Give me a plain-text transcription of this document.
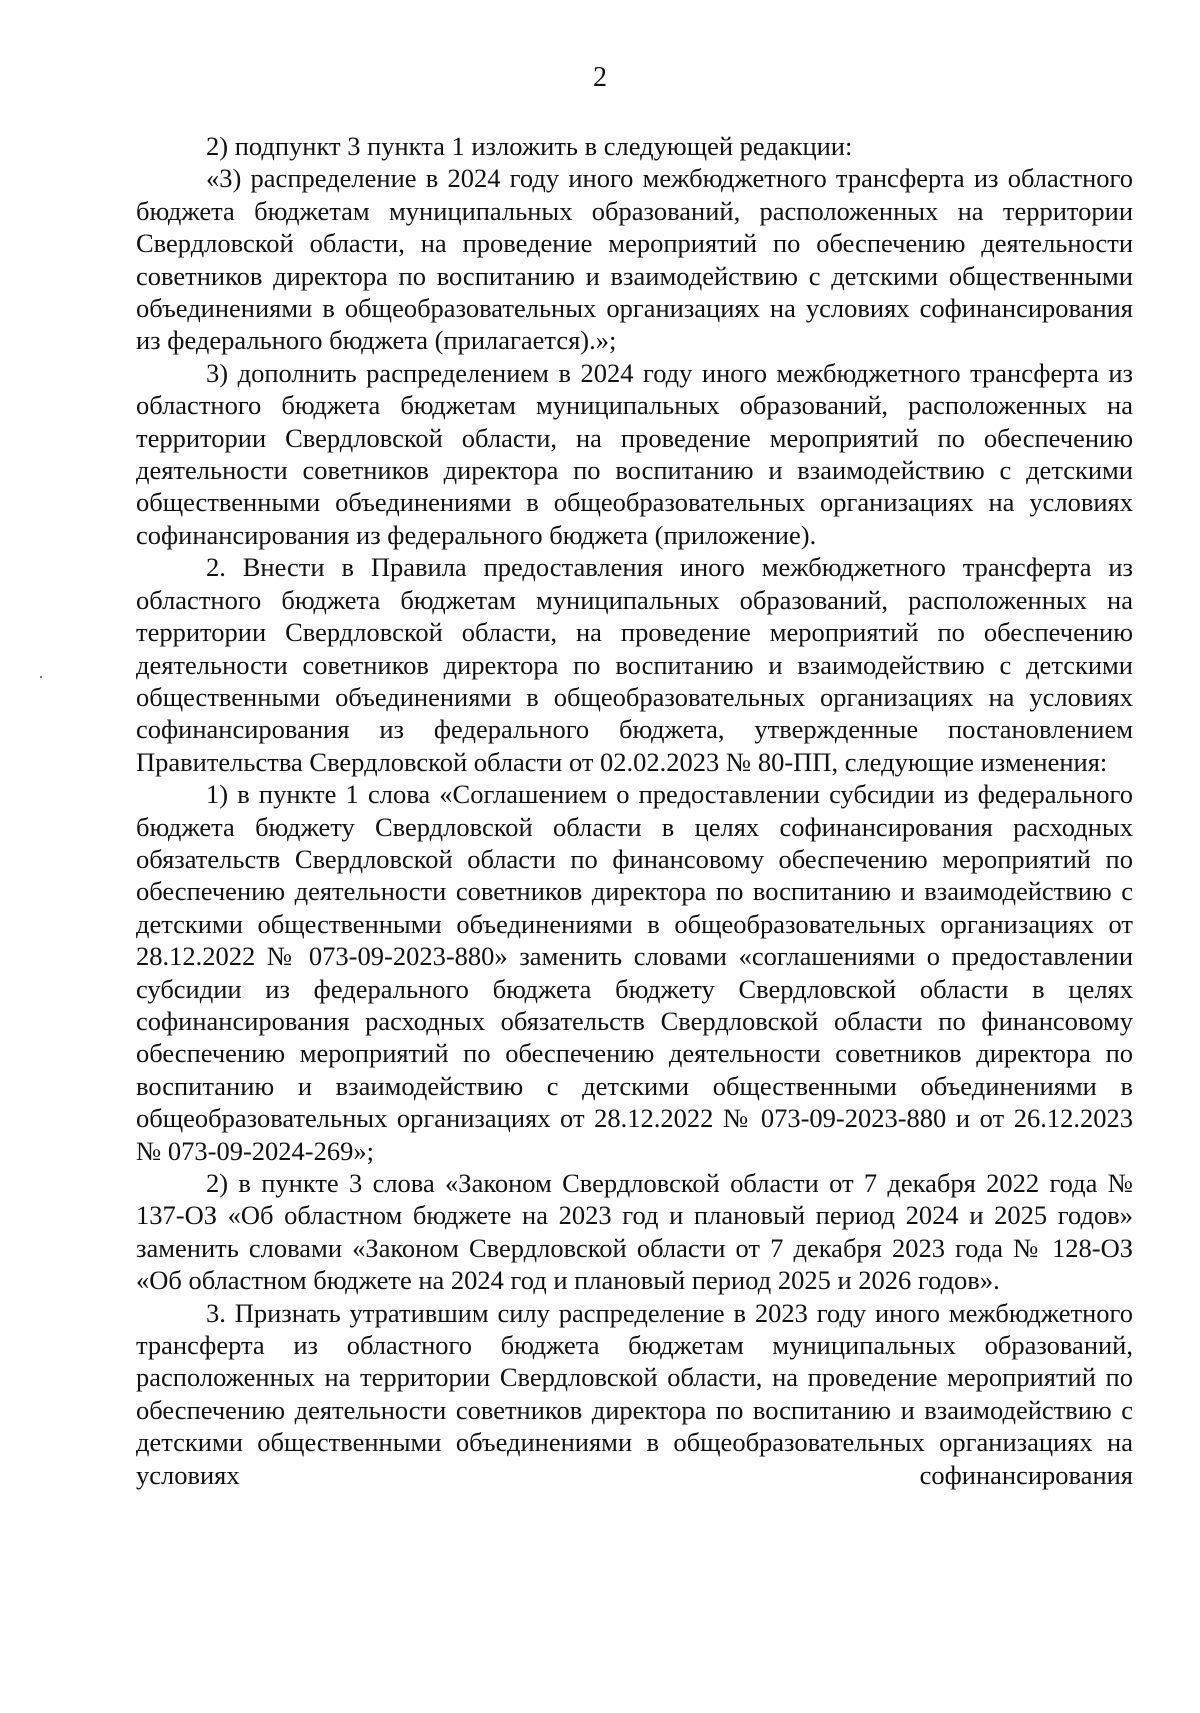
2

2) подпункт 3 пункта 1 изложить в следующей редакции:

«3) распределение в 2024 году иного межбюджетного трансферта из областного бюджета бюджетам муниципальных образований, расположенных на территории Свердловской области, на проведение мероприятий по обеспечению деятельности советников директора по воспитанию и взаимодействию с детскими общественными объединениями в общеобразовательных организациях на условиях софинансирования из федерального бюджета (прилагается).»;

3) дополнить распределением в 2024 году иного межбюджетного трансферта из областного бюджета бюджетам муниципальных образований, расположенных на территории Свердловской области, на проведение мероприятий по обеспечению деятельности советников директора по воспитанию и взаимодействию с детскими общественными объединениями в общеобразовательных организациях на условиях софинансирования из федерального бюджета (приложение).

2. Внести в Правила предоставления иного межбюджетного трансферта из областного бюджета бюджетам муниципальных образований, расположенных на территории Свердловской области, на проведение мероприятий по обеспечению деятельности советников директора по воспитанию и взаимодействию с детскими общественными объединениями в общеобразовательных организациях на условиях софинансирования из федерального бюджета, утвержденные постановлением Правительства Свердловской области от 02.02.2023 № 80-ПП, следующие изменения:

1) в пункте 1 слова «Соглашением о предоставлении субсидии из федерального бюджета бюджету Свердловской области в целях софинансирования расходных обязательств Свердловской области по финансовому обеспечению мероприятий по обеспечению деятельности советников директора по воспитанию и взаимодействию с детскими общественными объединениями в общеобразовательных организациях от 28.12.2022 № 073-09-2023-880» заменить словами «соглашениями о предоставлении субсидии из федерального бюджета бюджету Свердловской области в целях софинансирования расходных обязательств Свердловской области по финансовому обеспечению мероприятий по обеспечению деятельности советников директора по воспитанию и взаимодействию с детскими общественными объединениями в общеобразовательных организациях от 28.12.2022 № 073-09-2023-880 и от 26.12.2023 № 073-09-2024-269»;

2) в пункте 3 слова «Законом Свердловской области от 7 декабря 2022 года № 137-ОЗ «Об областном бюджете на 2023 год и плановый период 2024 и 2025 годов» заменить словами «Законом Свердловской области от 7 декабря 2023 года № 128-ОЗ «Об областном бюджете на 2024 год и плановый период 2025 и 2026 годов».

3. Признать утратившим силу распределение в 2023 году иного межбюджетного трансферта из областного бюджета бюджетам муниципальных образований, расположенных на территории Свердловской области, на проведение мероприятий по обеспечению деятельности советников директора по воспитанию и взаимодействию с детскими общественными объединениями в общеобразовательных организациях на условиях софинансирования
